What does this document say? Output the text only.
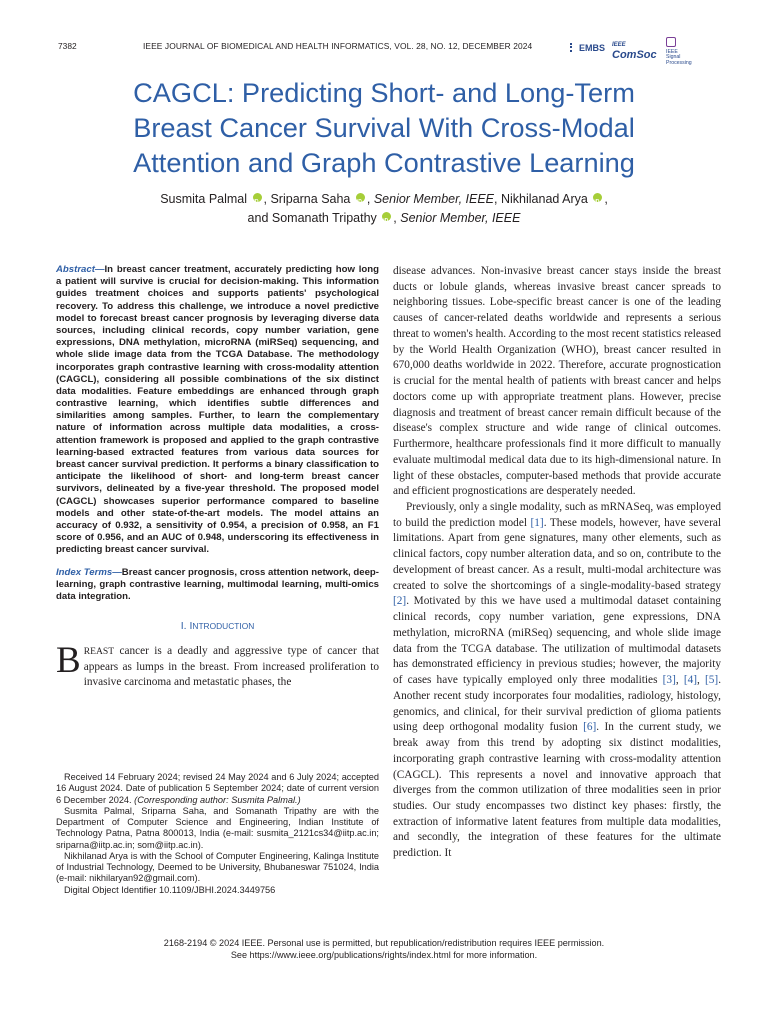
7382	IEEE JOURNAL OF BIOMEDICAL AND HEALTH INFORMATICS, VOL. 28, NO. 12, DECEMBER 2024	EMBS IEEE
ComSoc IEEE
Signal
Processing
CAGCL: Predicting Short- and Long-Term
Breast Cancer Survival With Cross-Modal
Attention and Graph Contrastive Learning
Susmita Palmal iD , Sriparna Saha iD , Senior Member, IEEE, Nikhilanad Arya iD ,
and Somanath Tripathy iD , Senior Member, IEEE
Abstract—In breast cancer treatment, accurately predicting how long a patient will survive is crucial for decision-making. This information guides treatment choices and supports patients' psychological recovery. To address this challenge, we introduce a novel predictive model to forecast breast cancer prognosis by leveraging diverse data sources, including clinical records, copy number variation, gene expressions, DNA methylation, microRNA (miRSeq) sequencing, and whole slide image data from the TCGA Database. The methodology incorporates graph contrastive learning with cross-modality attention (CAGCL), considering all possible combinations of the six distinct data modalities. Feature embeddings are enhanced through graph contrastive learning, which identifies subtle differences and similarities among samples. Further, to learn the complementary nature of information across multiple data modalities, a cross-attention framework is proposed and applied to the graph contrastive learning-based extracted features from various data sources for breast cancer survival prediction. It performs a binary classification to anticipate the likelihood of short- and long-term breast cancer survivors, delineated by a five-year threshold. The proposed model (CAGCL) showcases superior performance compared to baseline models and other state-of-the-art models. The model attains an accuracy of 0.932, a sensitivity of 0.954, a precision of 0.958, an F1 score of 0.956, and an AUC of 0.948, underscoring its effectiveness in predicting breast cancer survival.
Index Terms—Breast cancer prognosis, cross attention network, deep-learning, graph contrastive learning, multimodal learning, multi-omics data integration.
I. INTRODUCTION
BREAST cancer is a deadly and aggressive type of cancer that appears as lumps in the breast. From increased proliferation to invasive carcinoma and metastatic phases, the

Received 14 February 2024; revised 24 May 2024 and 6 July 2024; accepted 16 August 2024. Date of publication 5 September 2024; date of current version 6 December 2024. (Corresponding author: Susmita Palmal.)

Susmita Palmal, Sriparna Saha, and Somanath Tripathy are with the Department of Computer Science and Engineering, Indian Institute of Technology Patna, Patna 800013, India (e-mail: susmita_2121cs34@iitp.ac.in; sriparna@iitp.ac.in; som@iitp.ac.in).

Nikhilanad Arya is with the School of Computer Engineering, Kalinga Institute of Industrial Technology, Deemed to be University, Bhubaneswar 751024, India (e-mail: nikhilaryan92@gmail.com).

Digital Object Identifier 10.1109/JBHI.2024.3449756

disease advances. Non-invasive breast cancer stays inside the breast ducts or lobule glands, whereas invasive breast cancer spreads to neighboring tissues. Lobe-specific breast cancer is one of the leading causes of cancer-related deaths worldwide and represents a serious threat to women's health. According to the most recent statistics released by the World Health Organization (WHO), breast cancer resulted in 670,000 deaths worldwide in 2022. Therefore, accurate prognostication is crucial for the mental health of patients with breast cancer and helps doctors come up with appropriate treatment plans. However, precise diagnosis and treatment of breast cancer remain difficult because of the disease's complex structure and wide range of clinical outcomes. Furthermore, healthcare professionals find it more difficult to manually evaluate multimodal medical data due to its high-dimensional nature. In light of these obstacles, computer-based methods that provide accurate and efficient prognostications are desperately needed.

Previously, only a single modality, such as mRNASeq, was employed to build the prediction model [1]. These models, however, have several limitations. Apart from gene signatures, many other elements, such as clinical factors, copy number alteration data, and so on, contribute to the development of breast cancer. As a result, multi-modal architecture was created to solve the shortcomings of a single-modality-based strategy [2]. Motivated by this we have used a multimodal dataset containing clinical records, copy number variation, gene expressions, DNA methylation, microRNA (miRSeq) sequencing, and whole slide image data from the TCGA database. The utilization of multimodal datasets has demonstrated efficiency in previous studies; however, the majority of cases have typically employed only three modalities [3], [4], [5]. Another recent study incorporates four modalities, radiology, histology, genomics, and clinical, for their survival prediction of glioma patients using deep orthogonal modality fusion [6]. In the current study, we break away from this trend by adopting six distinct modalities, incorporating graph contrastive learning with cross-modality attention (CAGCL). This represents a novel and innovative approach that diverges from the common utilization of three modalities seen in prior studies. Our study encompasses two distinct key phases: firstly, the extraction of informative latent features from multiple data modalities, and secondly, the integration of these features for the ultimate prediction. It

2168-2194 © 2024 IEEE. Personal use is permitted, but republication/redistribution requires IEEE permission.
See https://www.ieee.org/publications/rights/index.html for more information.
